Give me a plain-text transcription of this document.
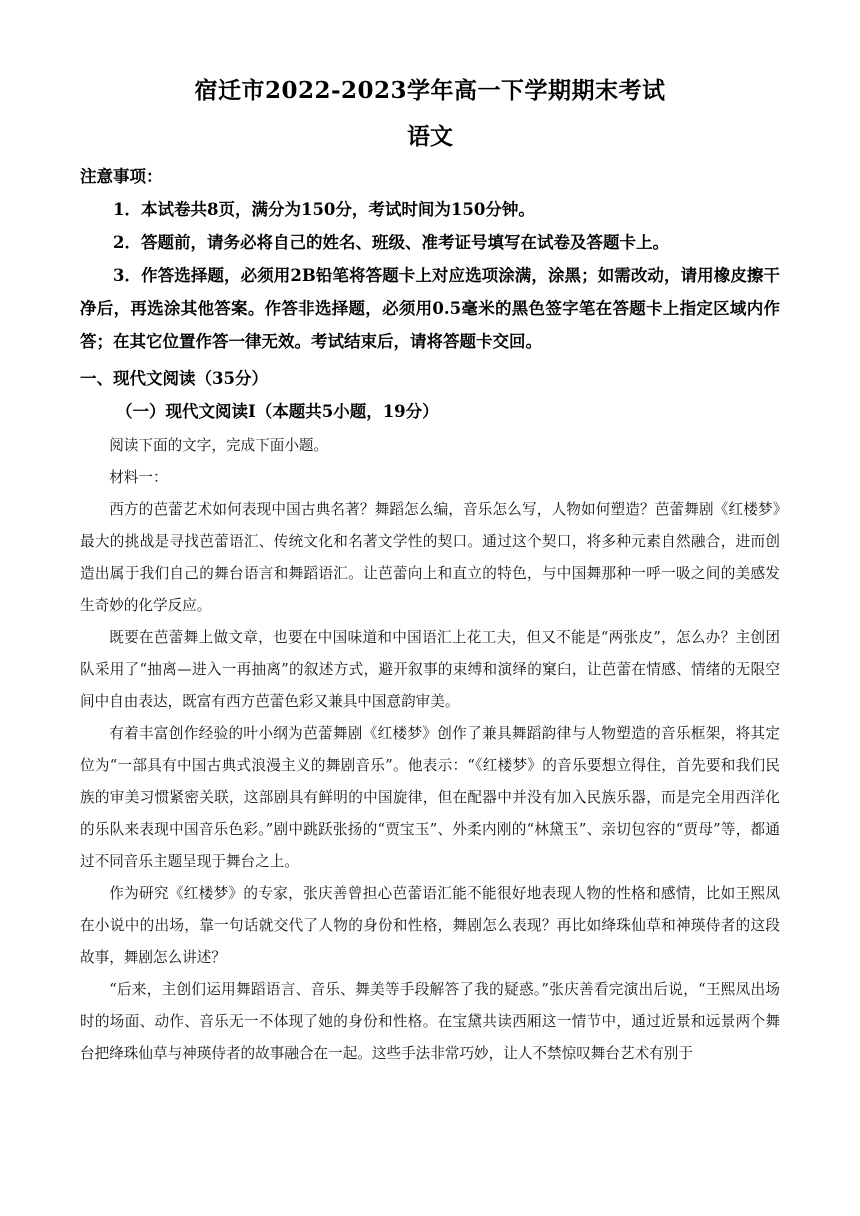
宿迁市2022-2023学年高一下学期期末考试
语文
注意事项：

1．本试卷共8页，满分为150分，考试时间为150分钟。

2．答题前，请务必将自己的姓名、班级、准考证号填写在试卷及答题卡上。

3．作答选择题，必须用2B铅笔将答题卡上对应选项涂满，涂黑；如需改动，请用橡皮擦干净后，再选涂其他答案。作答非选择题，必须用0.5毫米的黑色签字笔在答题卡上指定区域内作答；在其它位置作答一律无效。考试结束后，请将答题卡交回。

一、现代文阅读（35分）
（一）现代文阅读Ⅰ（本题共5小题，19分）

阅读下面的文字，完成下面小题。

材料一：

西方的芭蕾艺术如何表现中国古典名著？舞蹈怎么编，音乐怎么写，人物如何塑造？芭蕾舞剧《红楼梦》最大的挑战是寻找芭蕾语汇、传统文化和名著文学性的契口。通过这个契口，将多种元素自然融合，进而创造出属于我们自己的舞台语言和舞蹈语汇。让芭蕾向上和直立的特色，与中国舞那种一呼一吸之间的美感发生奇妙的化学反应。

既要在芭蕾舞上做文章，也要在中国味道和中国语汇上花工夫，但又不能是“两张皮”，怎么办？主创团队采用了“抽离—进入一再抽离”的叙述方式，避开叙事的束缚和演绎的窠臼，让芭蕾在情感、情绪的无限空间中自由表达，既富有西方芭蕾色彩又兼具中国意韵审美。

有着丰富创作经验的叶小纲为芭蕾舞剧《红楼梦》创作了兼具舞蹈韵律与人物塑造的音乐框架，将其定位为“一部具有中国古典式浪漫主义的舞剧音乐”。他表示：“《红楼梦》的音乐要想立得住，首先要和我们民族的审美习惯紧密关联，这部剧具有鲜明的中国旋律，但在配器中并没有加入民族乐器，而是完全用西洋化的乐队来表现中国音乐色彩。”剧中跳跃张扬的“贾宝玉”、外柔内刚的“林黛玉”、亲切包容的“贾母”等，都通过不同音乐主题呈现于舞台之上。

作为研究《红楼梦》的专家，张庆善曾担心芭蕾语汇能不能很好地表现人物的性格和感情，比如王熙凤在小说中的出场，靠一句话就交代了人物的身份和性格，舞剧怎么表现？再比如绛珠仙草和神瑛侍者的这段故事，舞剧怎么讲述？

“后来，主创们运用舞蹈语言、音乐、舞美等手段解答了我的疑惑。”张庆善看完演出后说，“王熙凤出场时的场面、动作、音乐无一不体现了她的身份和性格。在宝黛共读西厢这一情节中，通过近景和远景两个舞台把绛珠仙草与神瑛侍者的故事融合在一起。这些手法非常巧妙，让人不禁惊叹舞台艺术有别于
